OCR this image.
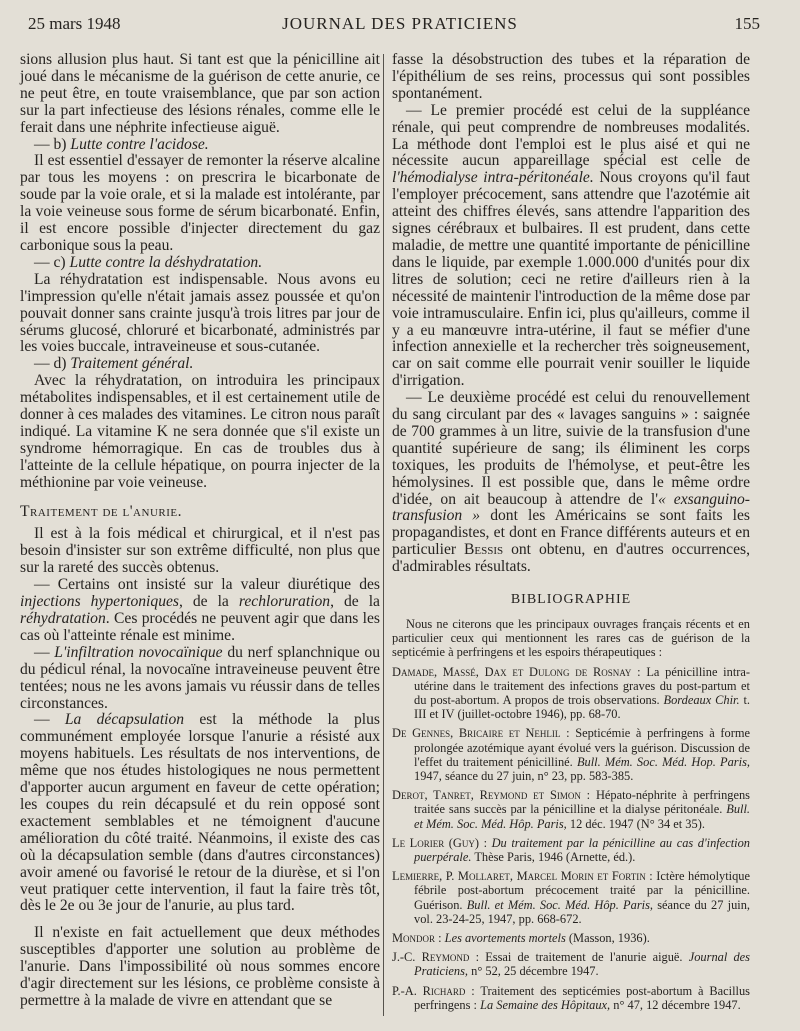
25 mars 1948	JOURNAL DES PRATICIENS	155

sions allusion plus haut. Si tant est que la pénicilline ait joué dans le mécanisme de la guérison de cette anurie, ce ne peut être, en toute vraisemblance, que par son action sur la part infectieuse des lésions rénales, comme elle le ferait dans une néphrite infectieuse aiguë.

— b) Lutte contre l'acidose.

Il est essentiel d'essayer de remonter la réserve alcaline par tous les moyens : on prescrira le bicarbonate de soude par la voie orale, et si la malade est intolérante, par la voie veineuse sous forme de sérum bicarbonaté. Enfin, il est encore possible d'injecter directement du gaz carbonique sous la peau.

— c) Lutte contre la déshydratation.

La réhydratation est indispensable. Nous avons eu l'impression qu'elle n'était jamais assez poussée et qu'on pouvait donner sans crainte jusqu'à trois litres par jour de sérums glucosé, chloruré et bicarbonaté, administrés par les voies buccale, intraveineuse et sous-cutanée.

— d) Traitement général.

Avec la réhydratation, on introduira les principaux métabolites indispensables, et il est certainement utile de donner à ces malades des vitamines. Le citron nous paraît indiqué. La vitamine K ne sera donnée que s'il existe un syndrome hémorragique. En cas de troubles dus à l'atteinte de la cellule hépatique, on pourra injecter de la méthionine par voie veineuse.

Traitement de l'anurie.

Il est à la fois médical et chirurgical, et il n'est pas besoin d'insister sur son extrême difficulté, non plus que sur la rareté des succès obtenus.

— Certains ont insisté sur la valeur diurétique des injections hypertoniques, de la rechloruration, de la réhydratation. Ces procédés ne peuvent agir que dans les cas où l'atteinte rénale est minime.

— L'infiltration novocaïnique du nerf splanchnique ou du pédicul rénal, la novocaïne intraveineuse peuvent être tentées; nous ne les avons jamais vu réussir dans de telles circonstances.

— La décapsulation est la méthode la plus communément employée lorsque l'anurie a résisté aux moyens habituels. Les résultats de nos interventions, de même que nos études histologiques ne nous permettent d'apporter aucun argument en faveur de cette opération; les coupes du rein décapsulé et du rein opposé sont exactement semblables et ne témoignent d'aucune amélioration du côté traité. Néanmoins, il existe des cas où la décapsulation semble (dans d'autres circonstances) avoir amené ou favorisé le retour de la diurèse, et si l'on veut pratiquer cette intervention, il faut la faire très tôt, dès le 2e ou 3e jour de l'anurie, au plus tard.

Il n'existe en fait actuellement que deux méthodes susceptibles d'apporter une solution au problème de l'anurie. Dans l'impossibilité où nous sommes encore d'agir directement sur les lésions, ce problème consiste à permettre à la malade de vivre en attendant que se

fasse la désobstruction des tubes et la réparation de l'épithélium de ses reins, processus qui sont possibles spontanément.

— Le premier procédé est celui de la suppléance rénale, qui peut comprendre de nombreuses modalités. La méthode dont l'emploi est le plus aisé et qui ne nécessite aucun appareillage spécial est celle de l'hémodialyse intra-péritonéale. Nous croyons qu'il faut l'employer précocement, sans attendre que l'azotémie ait atteint des chiffres élevés, sans attendre l'apparition des signes cérébraux et bulbaires. Il est prudent, dans cette maladie, de mettre une quantité importante de pénicilline dans le liquide, par exemple 1.000.000 d'unités pour dix litres de solution; ceci ne retire d'ailleurs rien à la nécessité de maintenir l'introduction de la même dose par voie intramusculaire. Enfin ici, plus qu'ailleurs, comme il y a eu manœuvre intra-utérine, il faut se méfier d'une infection annexielle et la rechercher très soigneusement, car on sait comme elle pourrait venir souiller le liquide d'irrigation.

— Le deuxième procédé est celui du renouvellement du sang circulant par des « lavages sanguins » : saignée de 700 grammes à un litre, suivie de la transfusion d'une quantité supérieure de sang; ils éliminent les corps toxiques, les produits de l'hémolyse, et peut-être les hémolysines. Il est possible que, dans le même ordre d'idée, on ait beaucoup à attendre de l'« exsanguino-transfusion » dont les Américains se sont faits les propagandistes, et dont en France différents auteurs et en particulier Bessis ont obtenu, en d'autres occurrences, d'admirables résultats.

BIBLIOGRAPHIE

Nous ne citerons que les principaux ouvrages français récents et en particulier ceux qui mentionnent les rares cas de guérison de la septicémie à perfringens et les espoirs thérapeutiques :

Damade, Massé, Dax et Dulong de Rosnay : La pénicilline intra-utérine dans le traitement des infections graves du post-partum et du post-abortum. A propos de trois observations. Bordeaux Chir. t. III et IV (juillet-octobre 1946), pp. 68-70.

De Gennes, Bricaire et Nehlil : Septicémie à perfringens à forme prolongée azotémique ayant évolué vers la guérison. Discussion de l'effet du traitement pénicilliné. Bull. Mém. Soc. Méd. Hop. Paris, 1947, séance du 27 juin, n° 23, pp. 583-385.

Derot, Tanret, Reymond et Simon : Hépato-néphrite à perfringens traitée sans succès par la pénicilline et la dialyse péritonéale. Bull. et Mém. Soc. Méd. Hôp. Paris, 12 déc. 1947 (N° 34 et 35).

Le Lorier (Guy) : Du traitement par la pénicilline au cas d'infection puerpérale. Thèse Paris, 1946 (Arnette, éd.).

Lemierre, P. Mollaret, Marcel Morin et Fortin : Ictère hémolytique fébrile post-abortum précocement traité par la pénicilline. Guérison. Bull. et Mém. Soc. Méd. Hôp. Paris, séance du 27 juin, vol. 23-24-25, 1947, pp. 668-672.

Mondor : Les avortements mortels (Masson, 1936).

J.-C. Reymond : Essai de traitement de l'anurie aiguë. Journal des Praticiens, n° 52, 25 décembre 1947.

P.-A. Richard : Traitement des septicémies post-abortum à Bacillus perfringens : La Semaine des Hôpitaux, n° 47, 12 décembre 1947.
